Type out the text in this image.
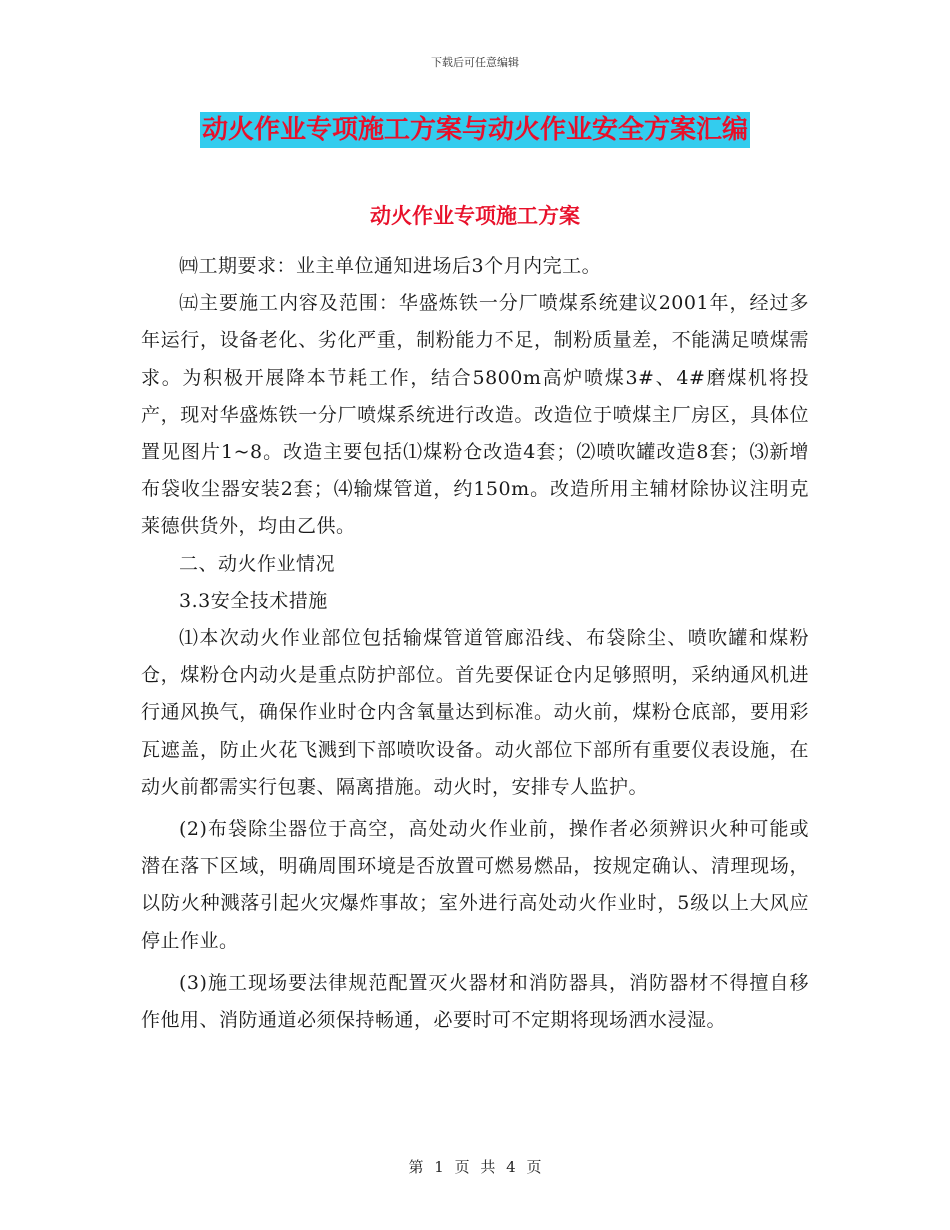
下载后可任意编辑
动火作业专项施工方案与动火作业安全方案汇编
动火作业专项施工方案

㈣工期要求：业主单位通知进场后3个月内完工。

㈤主要施工内容及范围：华盛炼铁一分厂喷煤系统建议2001年，经过多年运行，设备老化、劣化严重，制粉能力不足，制粉质量差，不能满足喷煤需求。为积极开展降本节耗工作，结合5800m高炉喷煤3#、4#磨煤机将投产，现对华盛炼铁一分厂喷煤系统进行改造。改造位于喷煤主厂房区，具体位置见图片1~8。改造主要包括⑴煤粉仓改造4套；⑵喷吹罐改造8套；⑶新增布袋收尘器安装2套；⑷输煤管道，约150m。改造所用主辅材除协议注明克莱德供货外，均由乙供。

二、动火作业情况

3.3安全技术措施

⑴本次动火作业部位包括输煤管道管廊沿线、布袋除尘、喷吹罐和煤粉仓，煤粉仓内动火是重点防护部位。首先要保证仓内足够照明，采纳通风机进行通风换气，确保作业时仓内含氧量达到标准。动火前，煤粉仓底部，要用彩瓦遮盖，防止火花飞溅到下部喷吹设备。动火部位下部所有重要仪表设施，在动火前都需实行包裹、隔离措施。动火时，安排专人监护。

(2)布袋除尘器位于高空，高处动火作业前，操作者必须辨识火种可能或潜在落下区域，明确周围环境是否放置可燃易燃品，按规定确认、清理现场，以防火种溅落引起火灾爆炸事故；室外进行高处动火作业时，5级以上大风应停止作业。

(3)施工现场要法律规范配置灭火器材和消防器具，消防器材不得擅自移作他用、消防通道必须保持畅通，必要时可不定期将现场洒水浸湿。

第 1 页 共 4 页
